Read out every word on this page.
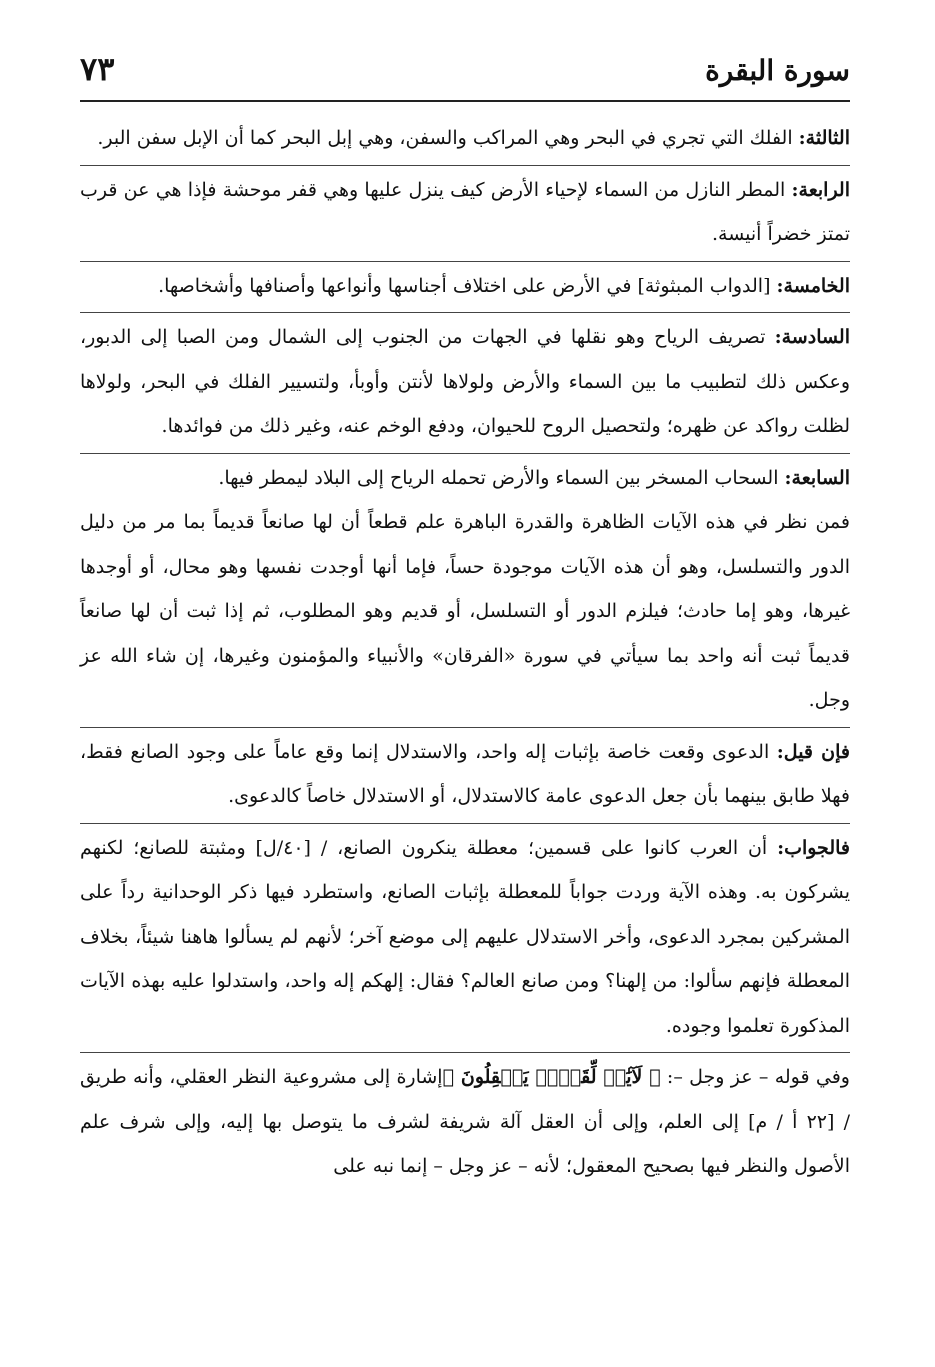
سورة البقرة
٧٣

الثالثة: الفلك التي تجري في البحر وهي المراكب والسفن، وهي إبل البحر كما أن الإبل سفن البر.

الرابعة: المطر النازل من السماء لإحياء الأرض كيف ينزل عليها وهي قفر موحشة فإذا هي عن قرب تمتز خضراً أنيسة.

الخامسة: [الدواب المبثوثة] في الأرض على اختلاف أجناسها وأنواعها وأصنافها وأشخاصها.

السادسة: تصريف الرياح وهو نقلها في الجهات من الجنوب إلى الشمال ومن الصبا إلى الدبور، وعكس ذلك لتطبيب ما بين السماء والأرض ولولاها لأنتن وأوبأ، ولتسيير الفلك في البحر، ولولاها لظلت رواكد عن ظهره؛ ولتحصيل الروح للحيوان، ودفع الوخم عنه، وغير ذلك من فوائدها.

السابعة: السحاب المسخر بين السماء والأرض تحمله الرياح إلى البلاد ليمطر فيها.

فمن نظر في هذه الآيات الظاهرة والقدرة الباهرة علم قطعاً أن لها صانعاً قديماً بما مر من دليل الدور والتسلسل، وهو أن هذه الآيات موجودة حساً، فإما أنها أوجدت نفسها وهو محال، أو أوجدها غيرها، وهو إما حادث؛ فيلزم الدور أو التسلسل، أو قديم وهو المطلوب، ثم إذا ثبت أن لها صانعاً قديماً ثبت أنه واحد بما سيأتي في سورة «الفرقان» والأنبياء والمؤمنون وغيرها، إن شاء الله عز وجل.

فإن قيل: الدعوى وقعت خاصة بإثبات إله واحد، والاستدلال إنما وقع عاماً على وجود الصانع فقط، فهلا طابق بينهما بأن جعل الدعوى عامة كالاستدلال، أو الاستدلال خاصاً كالدعوى.

فالجواب: أن العرب كانوا على قسمين؛ معطلة ينكرون الصانع، / [٤٠/ل] ومثبتة للصانع؛ لكنهم يشركون به. وهذه الآية وردت جواباً للمعطلة بإثبات الصانع، واستطرد فيها ذكر الوحدانية رداً على المشركين بمجرد الدعوى، وأخر الاستدلال عليهم إلى موضع آخر؛ لأنهم لم يسألوا هاهنا شيئاً، بخلاف المعطلة فإنهم سألوا: من إلهنا؟ ومن صانع العالم؟ فقال: إلهكم إله واحد، واستدلوا عليه بهذه الآيات المذكورة تعلموا وجوده.

وفي قوله – عز وجل –: ﴿ لَآيَٰتٖ لِّقَوۡمٖ يَعۡقِلُونَ ﴾إشارة إلى مشروعية النظر العقلي، وأنه طريق / [٢٢ أ / م] إلى العلم، وإلى أن العقل آلة شريفة لشرف ما يتوصل بها إليه، وإلى شرف علم الأصول والنظر فيها بصحيح المعقول؛ لأنه – عز وجل – إنما نبه على
